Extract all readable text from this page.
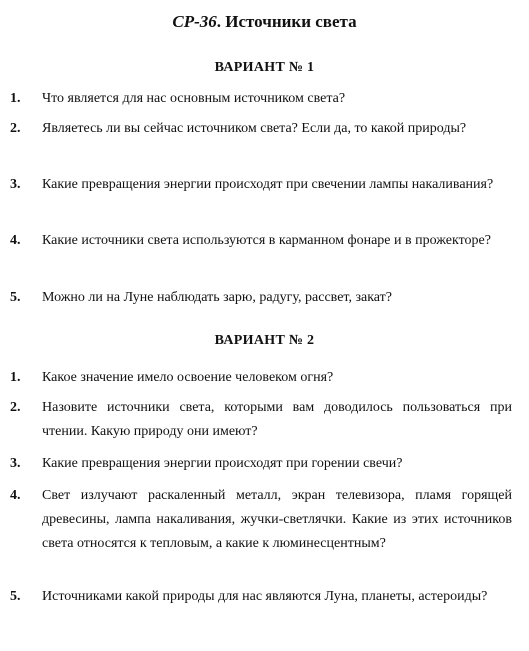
СР-36. Источники света
ВАРИАНТ № 1
1.	Что является для нас основным источником света?
2.	Являетесь ли вы сейчас источником света? Если да, то какой природы?
3.	Какие превращения энергии происходят при свечении лампы накаливания?
4.	Какие источники света используются в карманном фонаре и в прожекторе?
5.	Можно ли на Луне наблюдать зарю, радугу, рассвет, закат?
ВАРИАНТ № 2
1.	Какое значение имело освоение человеком огня?
2.	Назовите источники света, которыми вам доводилось пользоваться при чтении. Какую природу они имеют?
3.	Какие превращения энергии происходят при горении свечи?
4.	Свет излучают раскаленный металл, экран телевизора, пламя горящей древесины, лампа накаливания, жучки-светлячки. Какие из этих источников света относятся к тепловым, а какие к люминесцентным?
5.	Источниками какой природы для нас являются Луна, планеты, астероиды?
